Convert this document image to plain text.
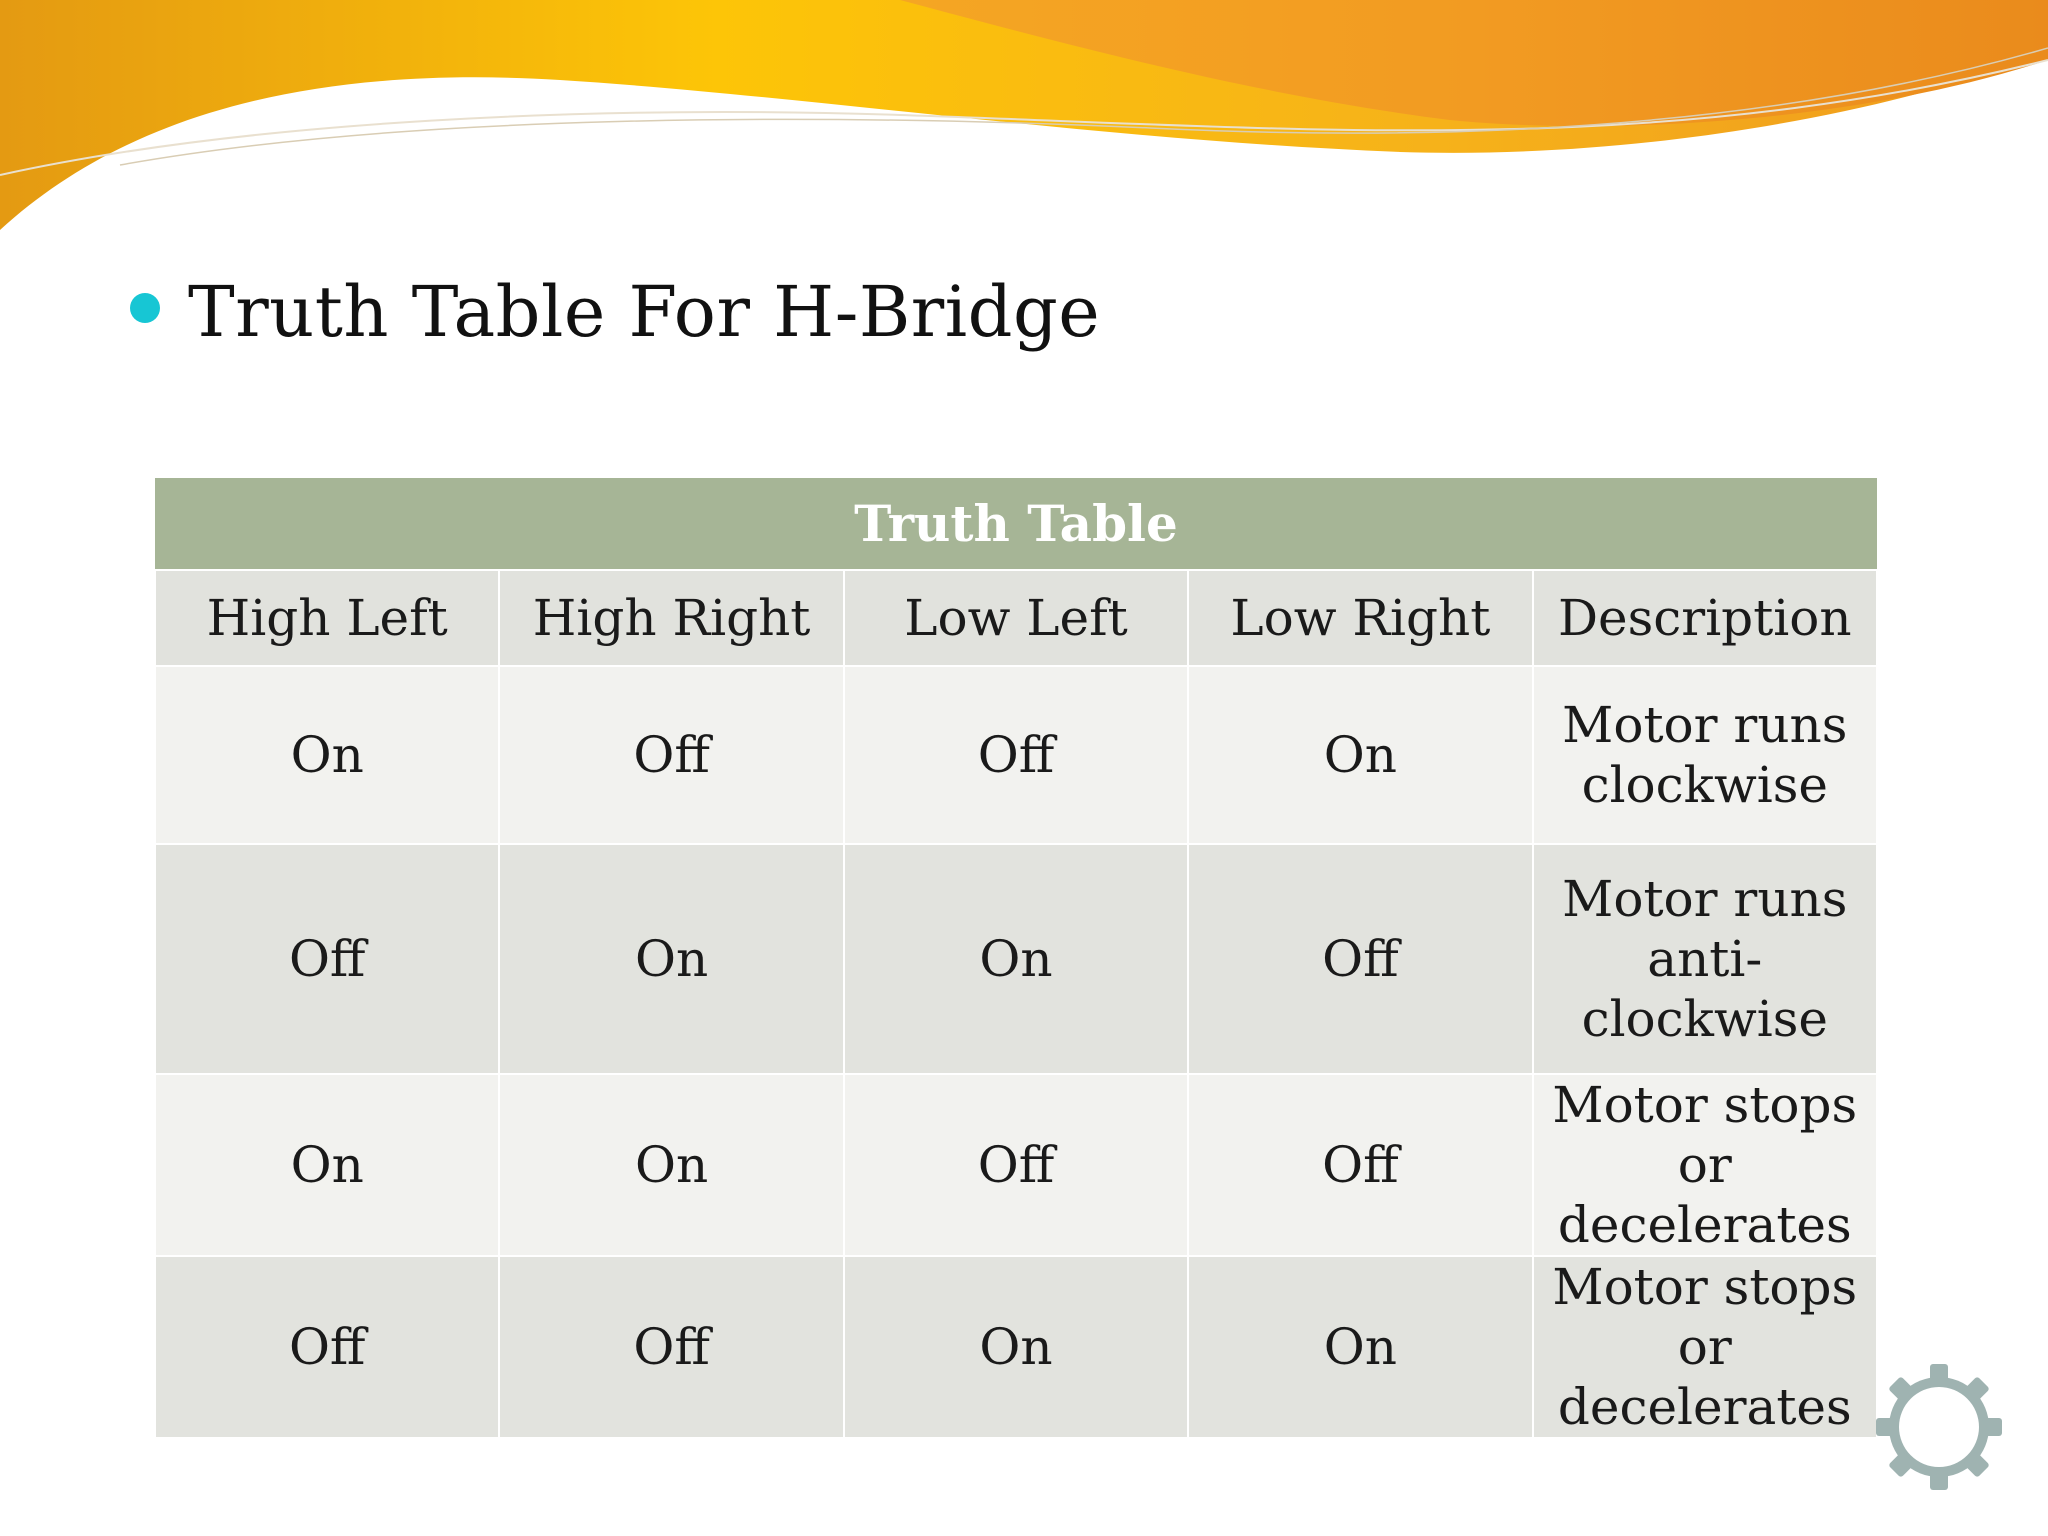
Truth Table For H-Bridge
Truth Table				
High Left	High Right	Low Left	Low Right	Description
On	Off	Off	On	Motor runs clockwise
Off	On	On	Off	Motor runs anti-clockwise
On	On	Off	Off	Motor stops or decelerates
Off	Off	On	On	Motor stops or decelerates
